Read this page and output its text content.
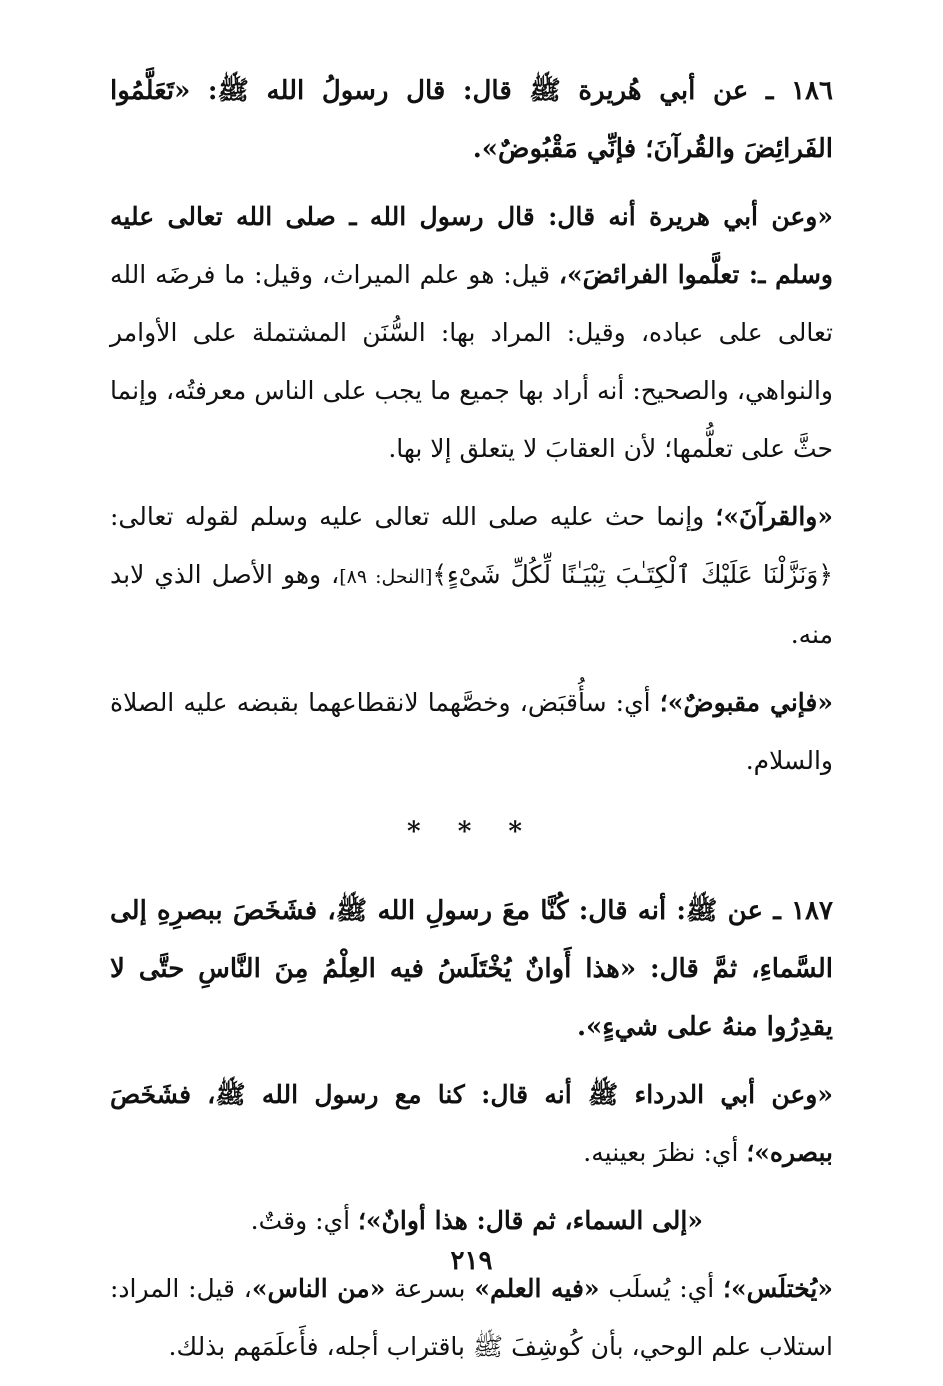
١٨٦ ـ عن أبي هُريرة ﷺ قال: قال رسولُ الله ﷺ: «تَعَلَّمُوا الفَرائِضَ والقُرآنَ؛ فإنِّي مَقْبُوضٌ».

«وعن أبي هريرة أنه قال: قال رسول الله ـ صلى الله تعالى عليه وسلم ـ: تعلَّموا الفرائضَ»، قيل: هو علم الميراث، وقيل: ما فرضَه الله تعالى على عباده، وقيل: المراد بها: السُّنَن المشتملة على الأوامر والنواهي، والصحيح: أنه أراد بها جميع ما يجب على الناس معرفتُه، وإنما حثَّ على تعلُّمها؛ لأن العقابَ لا يتعلق إلا بها.

«والقرآنَ»؛ وإنما حث عليه صلى الله تعالى عليه وسلم لقوله تعالى: ﴿وَنَزَّلْنَا عَلَيْكَ ٱلْكِتَـٰبَ تِبْيَـٰنًا لِّكُلِّ شَىْءٍ﴾[النحل: ٨٩]، وهو الأصل الذي لابد منه.

«فإني مقبوضٌ»؛ أي: سأُقبَض، وخصَّهما لانقطاعهما بقبضه عليه الصلاة والسلام.

* * *

١٨٧ ـ عن ﷺ: أنه قال: كُنَّا معَ رسولِ الله ﷺ، فشَخَصَ ببصرِهِ إلى السَّماءِ، ثمَّ قال: «هذا أَوانٌ يُخْتَلَسُ فيه العِلْمُ مِنَ النَّاسِ حتَّى لا يقدِرُوا منهُ على شيءٍ».

«وعن أبي الدرداء ﷺ أنه قال: كنا مع رسول الله ﷺ، فشَخَصَ ببصره»؛ أي: نظرَ بعينيه.

«إلى السماء، ثم قال: هذا أوانٌ»؛ أي: وقتٌ.

«يُختلَس»؛ أي: يُسلَب «فيه العلم» بسرعة «من الناس»، قيل: المراد: استلاب علم الوحي، بأن كُوشِفَ ﷺ باقتراب أجله، فأَعلَمَهم بذلك.

٢١٩
